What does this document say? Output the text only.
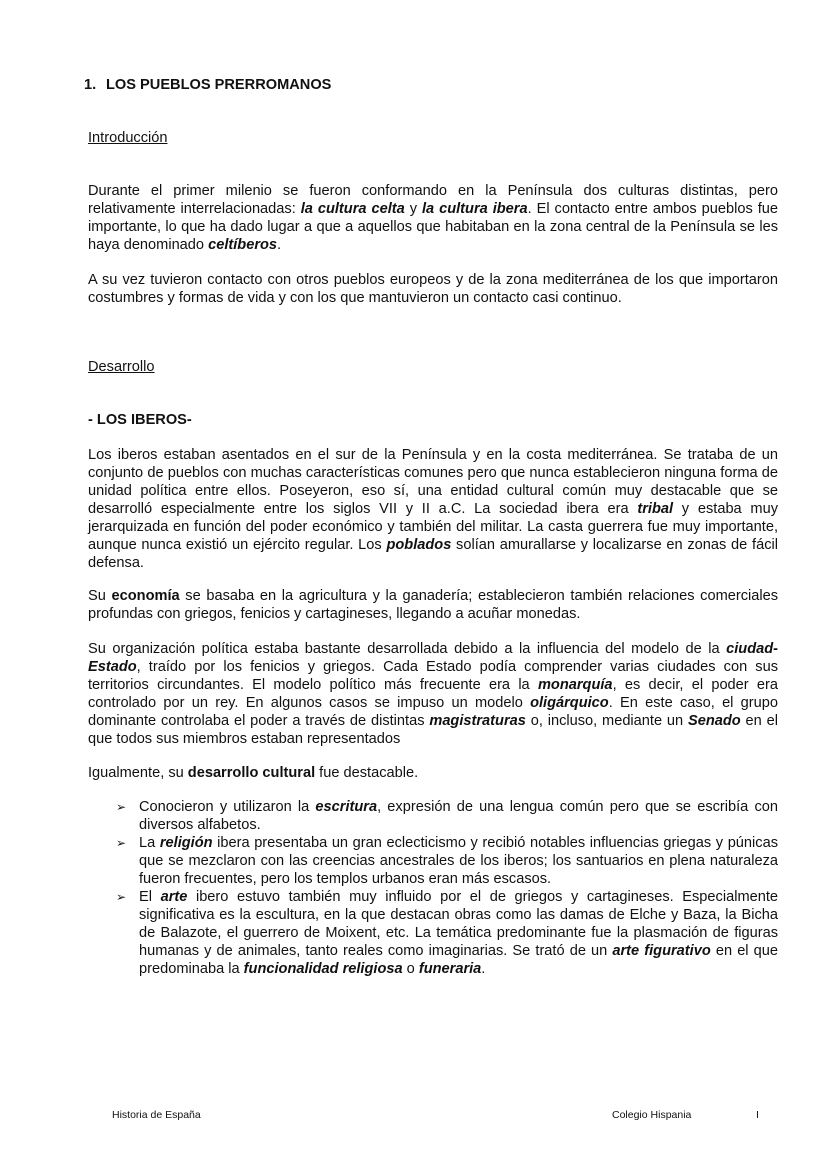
1. LOS PUEBLOS PRERROMANOS
Introducción
Durante el primer milenio se fueron conformando en la Península dos culturas distintas, pero relativamente interrelacionadas: la cultura celta y la cultura ibera. El contacto entre ambos pueblos fue importante, lo que ha dado lugar a que a aquellos que habitaban en la zona central de la Península se les haya denominado celtíberos.
A su vez tuvieron contacto con otros pueblos europeos y de la zona mediterránea de los que importaron costumbres y formas de vida y con los que mantuvieron un contacto casi continuo.
Desarrollo
- LOS IBEROS-
Los iberos estaban asentados en el sur de la Península y en la costa mediterránea. Se trataba de un conjunto de pueblos con muchas características comunes pero que nunca establecieron ninguna forma de unidad política entre ellos. Poseyeron, eso sí, una entidad cultural común muy destacable que se desarrolló especialmente entre los siglos VII y II a.C. La sociedad ibera era tribal y estaba muy jerarquizada en función del poder económico y también del militar. La casta guerrera fue muy importante, aunque nunca existió un ejército regular. Los poblados solían amurallarse y localizarse en zonas de fácil defensa.
Su economía se basaba en la agricultura y la ganadería; establecieron también relaciones comerciales profundas con griegos, fenicios y cartagineses, llegando a acuñar monedas.
Su organización política estaba bastante desarrollada debido a la influencia del modelo de la ciudad-Estado, traído por los fenicios y griegos. Cada Estado podía comprender varias ciudades con sus territorios circundantes. El modelo político más frecuente era la monarquía, es decir, el poder era controlado por un rey. En algunos casos se impuso un modelo oligárquico. En este caso, el grupo dominante controlaba el poder a través de distintas magistraturas o, incluso, mediante un Senado en el que todos sus miembros estaban representados
Igualmente, su desarrollo cultural fue destacable.
➢ Conocieron y utilizaron la escritura, expresión de una lengua común pero que se escribía con diversos alfabetos.
➢ La religión ibera presentaba un gran eclecticismo y recibió notables influencias griegas y púnicas que se mezclaron con las creencias ancestrales de los iberos; los santuarios en plena naturaleza fueron frecuentes, pero los templos urbanos eran más escasos.
➢ El arte ibero estuvo también muy influido por el de griegos y cartagineses. Especialmente significativa es la escultura, en la que destacan obras como las damas de Elche y Baza, la Bicha de Balazote, el guerrero de Moixent, etc. La temática predominante fue la plasmación de figuras humanas y de animales, tanto reales como imaginarias. Se trató de un arte figurativo en el que predominaba la funcionalidad religiosa o funeraria.
Historia de España	Colegio Hispania	I
